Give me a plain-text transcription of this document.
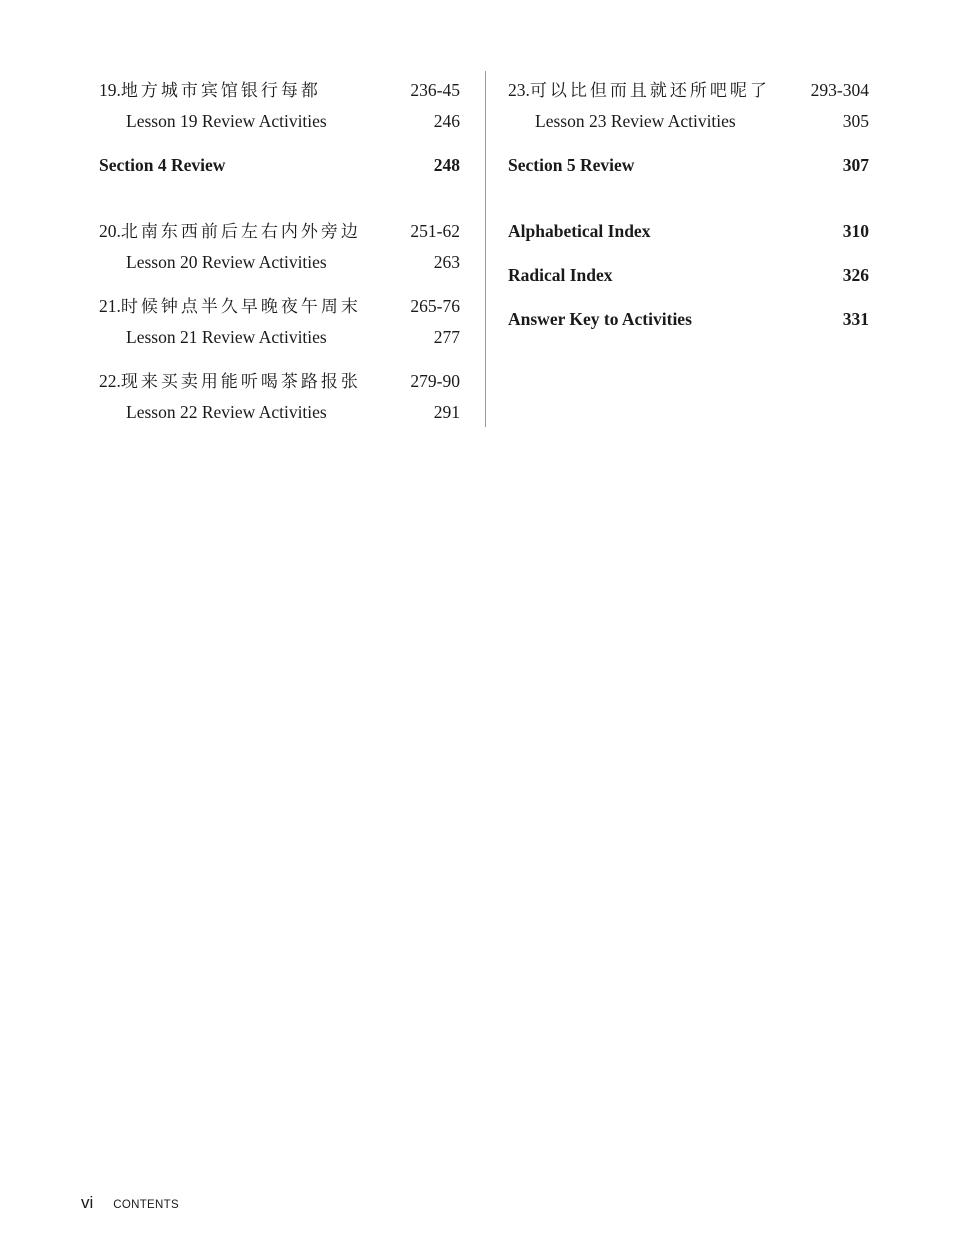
19.地方城市宾馆银行每都	236-45
Lesson 19 Review Activities	246
Section 4 Review	248
20.北南东西前后左右内外旁边	251-62
Lesson 20 Review Activities	263
21.时候钟点半久早晚夜午周末	265-76
Lesson 21 Review Activities	277
22.现来买卖用能听喝茶路报张	279-90
Lesson 22 Review Activities	291
23.可以比但而且就还所吧呢了 293-304
Lesson 23 Review Activities	305
Section 5 Review	307
Alphabetical Index	310
Radical Index	326
Answer Key to Activities	331
vi CONTENTS
